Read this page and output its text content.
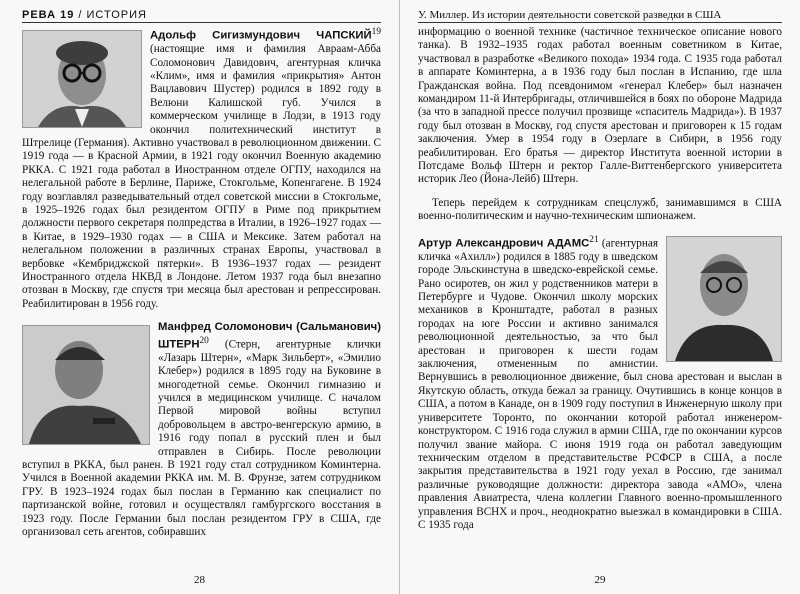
РЕВА 19 / ИСТОРИЯ

Адольф Сигизмундович ЧАПСКИЙ$^{19}$ (настоящие имя и фамилия Авраам-Абба Соломонович Давидович, агентурная кличка «Клим», имя и фамилия «прикрытия» Антон Вацлавович Шустер) родился в 1892 году в Велюни Калишской губ. Учился в коммерческом училище в Лодзи, в 1913 году окончил политехнический институт в Штрелице (Германия). Активно участвовал в революционном движении. С 1919 года — в Красной Армии, в 1921 году окончил Военную академию РККА. С 1921 года работал в Иностранном отделе ОГПУ, находился на нелегальной работе в Берлине, Париже, Стокгольме, Копенгагене. В 1924 году возглавлял разведывательный отдел советской миссии в Стокгольме, в 1925–1926 годах был резидентом ОГПУ в Риме под прикрытием должности первого секретаря полпредства в Италии, в 1926–1927 годах — в Китае, в 1929–1930 годах — в США и Мексике. Затем работал на нелегальном положении в различных странах Европы, участвовал в вербовке «Кембриджской пятерки». В 1936–1937 годах — резидент Иностранного отдела НКВД в Лондоне. Летом 1937 года был внезапно отозван в Москву, где спустя три месяца был арестован и репрессирован. Реабилитирован в 1956 году.

Манфред Соломонович (Сальманович) ШТЕРН$^{20}$ (Стерн, агентурные клички «Лазарь Штерн», «Марк Зильберт», «Эмилио Клебер») родился в 1895 году на Буковине в многодетной семье. Окончил гимназию и учился в медицинском училище. С началом Первой мировой войны вступил добровольцем в австро-венгерскую армию, в 1916 году попал в русский плен и был отправлен в Сибирь. После революции вступил в РККА, был ранен. В 1921 году стал сотрудником Коминтерна. Учился в Военной академии РККА им. М. В. Фрунзе, затем сотрудником ГРУ. В 1923–1924 годах был послан в Германию как специалист по партизанской войне, готовил и осуществлял гамбургского восстания в 1923 году. После Германии был послан резидентом ГРУ в США, где организовал сеть агентов, собиравших

28
У. Миллер. Из истории деятельности советской разведки в США

информацию о военной технике (частичное техническое описание нового танка). В 1932–1935 годах работал военным советником в Китае, участвовал в разработке «Великого похода» 1934 года. С 1935 года работал в аппарате Коминтерна, а в 1936 году был послан в Испанию, где шла Гражданская война. Под псевдонимом «генерал Клебер» был назначен командиром 11-й Интербригады, отличившейся в боях по обороне Мадрида (за что в западной прессе получил прозвище «спаситель Мадрида»). В 1937 году был отозван в Москву, год спустя арестован и приговорен к 15 годам заключения. Умер в 1954 году в Озерлаге в Сибири, в 1956 году реабилитирован. Его братья — директор Института военной истории в Потсдаме Вольф Штерн и ректор Галле-Виттенбергского университета историк Лео (Йона-Лейб) Штерн.

Теперь перейдем к сотрудникам спецслужб, занимавшимся в США военно-политическим и научно-техническим шпионажем.

Артур Александрович АДАМС$^{21}$ (агентурная кличка «Ахилл») родился в 1885 году в шведском городе Эльскинстуна в шведско-еврейской семье. Рано осиротев, он жил у родственников матери в Петербурге и Чудове. Окончил школу морских механиков в Кронштадте, работал в разных городах на юге России и активно занимался революционной деятельностью, за что был арестован и приговорен к шести годам заключения, отмененным по амнистии. Вернувшись в революционное движение, был снова арестован и выслан в Якутскую область, откуда бежал за границу. Очутившись в конце концов в США, а потом в Канаде, он в 1909 году поступил в Инженерную школу при университете Торонто, по окончании которой работал инженером-конструктором. С 1916 года служил в армии США, где по окончании курсов получил звание майора. С июня 1919 года он работал заведующим техническим отделом в представительстве РСФСР в США, а после закрытия представительства в 1921 году уехал в Россию, где занимал различные руководящие должности: директора завода «АМО», члена правления Авиатреста, члена коллегии Главного военно-промышленного управления ВСНХ и проч., неоднократно выезжал в командировки в США. С 1935 года

29
